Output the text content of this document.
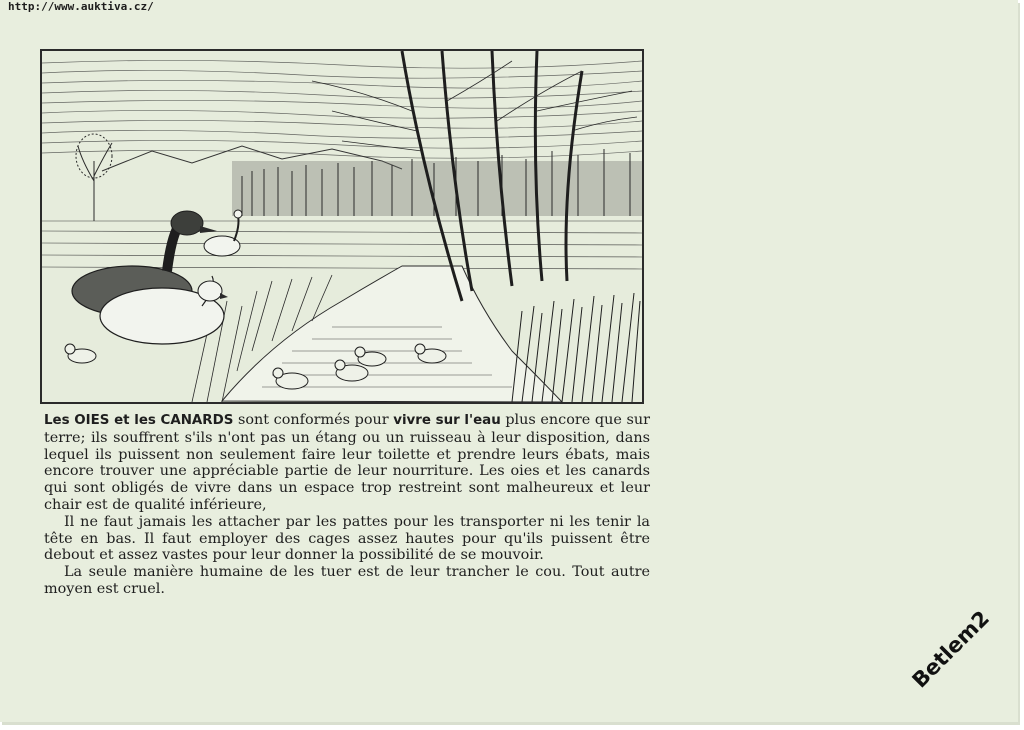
http://www.auktiva.cz/

Les OIES et les CANARDS sont conformés pour vivre sur l'eau plus encore que sur terre; ils souffrent s'ils n'ont pas un étang ou un ruisseau à leur disposition, dans lequel ils puissent non seulement faire leur toilette et prendre leurs ébats, mais encore trouver une appréciable partie de leur nourriture. Les oies et les canards qui sont obligés de vivre dans un espace trop restreint sont malheureux et leur chair est de qualité inférieure,

Il ne faut jamais les attacher par les pattes pour les transporter ni les tenir la tête en bas. Il faut employer des cages assez hautes pour qu'ils puissent être debout et assez vastes pour leur donner la possibilité de se mouvoir.

La seule manière humaine de les tuer est de leur trancher le cou. Tout autre moyen est cruel.

Betlem2
